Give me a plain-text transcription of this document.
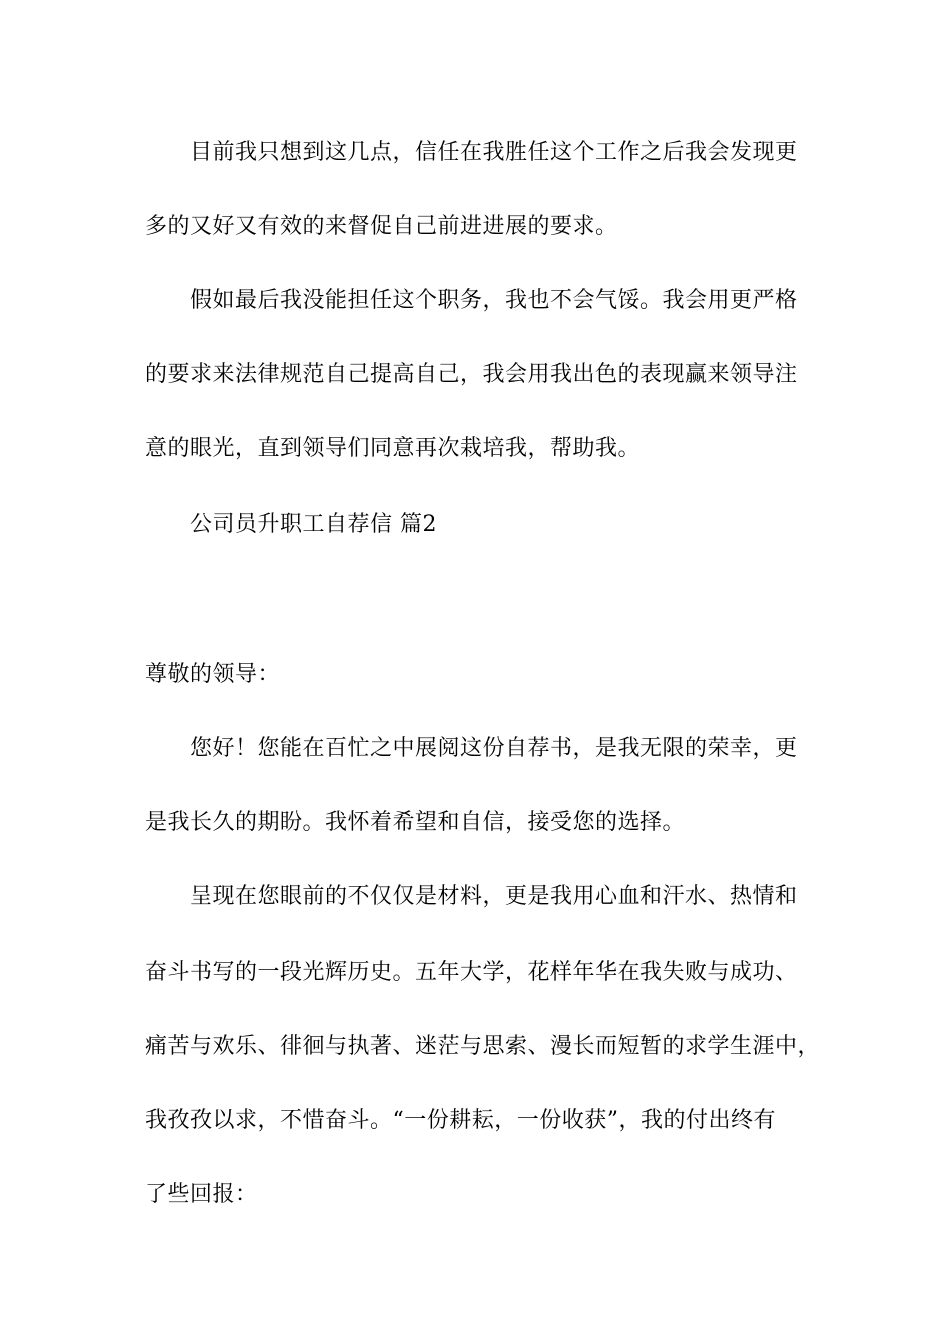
目前我只想到这几点，信任在我胜任这个工作之后我会发现更
多的又好又有效的来督促自己前进进展的要求。
假如最后我没能担任这个职务，我也不会气馁。我会用更严格
的要求来法律规范自己提高自己，我会用我出色的表现赢来领导注
意的眼光，直到领导们同意再次栽培我，帮助我。
公司员升职工自荐信 篇2
尊敬的领导：
您好！您能在百忙之中展阅这份自荐书，是我无限的荣幸，更
是我长久的期盼。我怀着希望和自信，接受您的选择。
呈现在您眼前的不仅仅是材料，更是我用心血和汗水、热情和
奋斗书写的一段光辉历史。五年大学，花样年华在我失败与成功、
痛苦与欢乐、徘徊与执著、迷茫与思索、漫长而短暂的求学生涯中，
我孜孜以求，不惜奋斗。“一份耕耘，一份收获”，我的付出终有
了些回报：
